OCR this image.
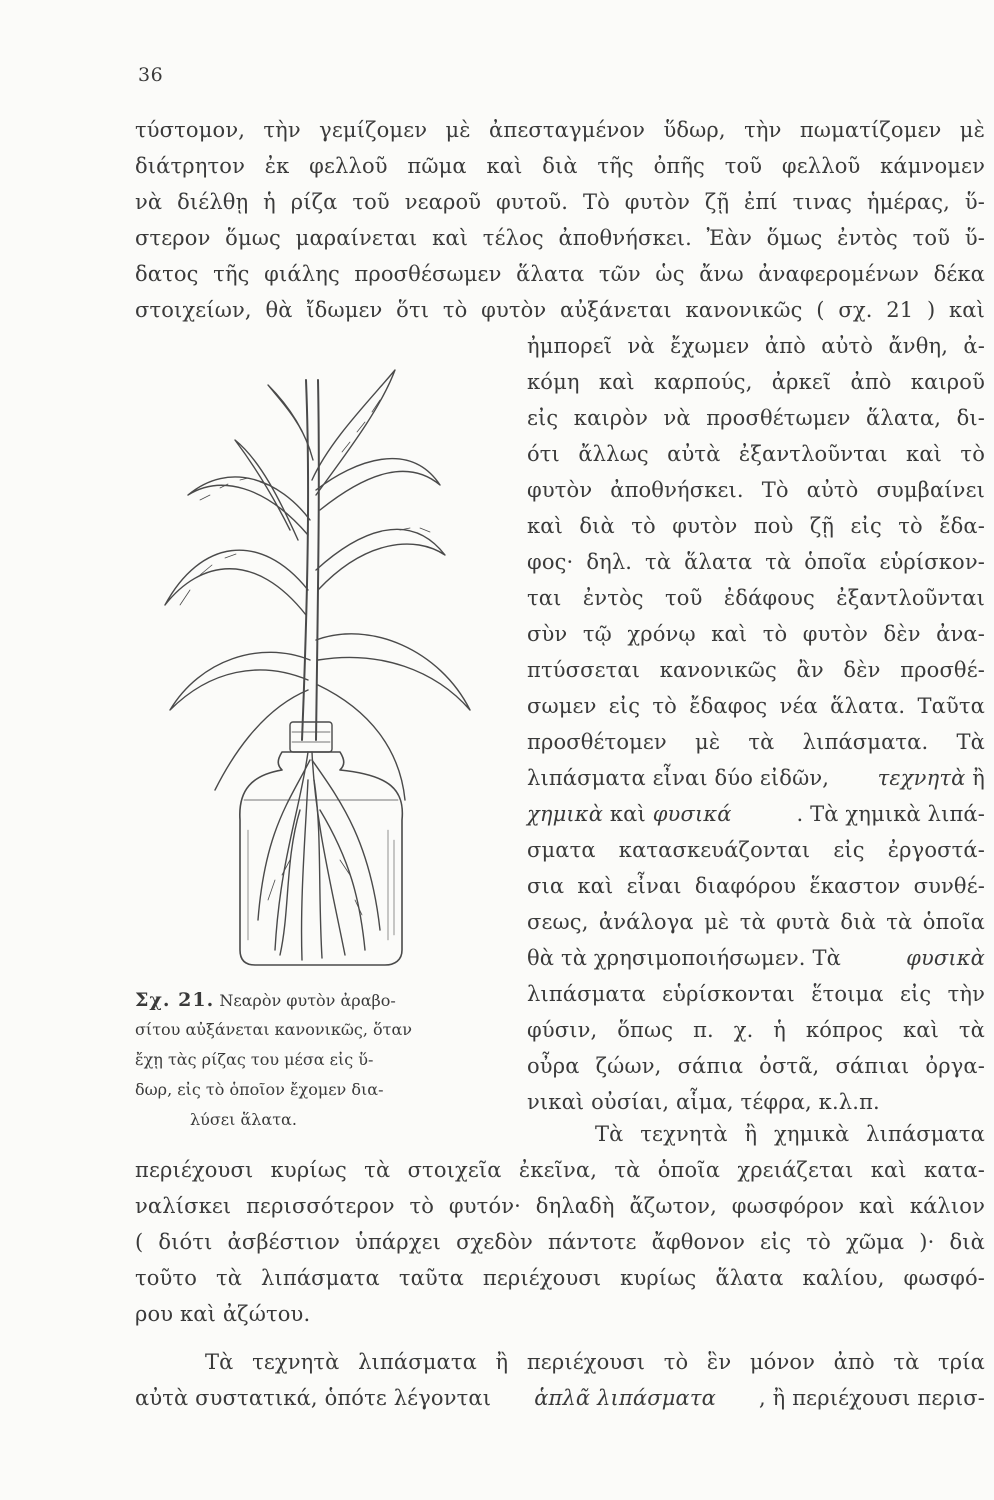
36

τύστομον, τὴν γεμίζομεν μὲ ἀπεσταγμένον ὕδωρ, τὴν πωματίζομεν μὲ

διάτρητον ἐκ φελλοῦ πῶμα καὶ διὰ τῆς ὀπῆς τοῦ φελλοῦ κάμνομεν

νὰ διέλθῃ ἡ ρίζα τοῦ νεαροῦ φυτοῦ. Τὸ φυτὸν ζῇ ἐπί τινας ἡμέρας, ὕ-

στερον ὅμως μαραίνεται καὶ τέλος ἀποθνήσκει. Ἐὰν ὅμως ἐντὸς τοῦ ὕ-

δατος τῆς φιάλης προσθέσωμεν ἅλατα τῶν ὡς ἄνω ἀναφερομένων δέκα

στοιχείων, θὰ ἴδωμεν ὅτι τὸ φυτὸν αὐξάνεται κανονικῶς ( σχ. 21 ) καὶ

ἠμπορεῖ νὰ ἔχωμεν ἀπὸ αὐτὸ ἄνθη, ἀ-

κόμη καὶ καρπούς, ἀρκεῖ ἀπὸ καιροῦ

εἰς καιρὸν νὰ προσθέτωμεν ἅλατα, δι-

ότι ἄλλως αὐτὰ ἐξαντλοῦνται καὶ τὸ

φυτὸν ἀποθνήσκει. Τὸ αὐτὸ συμβαίνει

καὶ διὰ τὸ φυτὸν ποὺ ζῇ εἰς τὸ ἔδα-

φος· δηλ. τὰ ἅλατα τὰ ὁποῖα εὑρίσκον-

ται ἐντὸς τοῦ ἐδάφους ἐξαντλοῦνται

σὺν τῷ χρόνῳ καὶ τὸ φυτὸν δὲν ἀνα-

πτύσσεται κανονικῶς ἂν δὲν προσθέ-

σωμεν εἰς τὸ ἔδαφος νέα ἅλατα. Ταῦτα

προσθέτομεν μὲ τὰ λιπάσματα. Τὰ

λιπάσματα εἶναι δύο εἰδῶν, τεχνητὰ ἢ

χημικὰ καὶ φυσικά	. Τὰ χημικὰ λιπά-

σματα κατασκευάζονται εἰς ἐργοστά-

σια καὶ εἶναι διαφόρου ἕκαστον συνθέ-

σεως, ἀνάλογα μὲ τὰ φυτὰ διὰ τὰ ὁποῖα

θὰ τὰ χρησιμοποιήσωμεν. Τὰ	φυσικὰ

λιπάσματα εὑρίσκονται ἕτοιμα εἰς τὴν

φύσιν, ὅπως π. χ. ἡ κόπρος καὶ τὰ

οὖρα ζώων, σάπια ὀστᾶ, σάπιαι ὀργα-

νικαὶ οὐσίαι, αἷμα, τέφρα, κ.λ.π.

Σχ. 21. Νεαρὸν φυτὸν ἀραβο-

σίτου αὐξάνεται κανονικῶς, ὅταν

ἔχῃ τὰς ρίζας του μέσα εἰς ὕ-

δωρ, εἰς τὸ ὁποῖον ἔχομεν δια-

λύσει ἅλατα.

Τὰ τεχνητὰ ἢ χημικὰ λιπάσματα

περιέχουσι κυρίως τὰ στοιχεῖα ἐκεῖνα, τὰ ὁποῖα χρειάζεται καὶ κατα-

ναλίσκει περισσότερον τὸ φυτόν· δηλαδὴ ἄζωτον, φωσφόρον καὶ κάλιον

( διότι ἀσβέστιον ὑπάρχει σχεδὸν πάντοτε ἄφθονον εἰς τὸ χῶμα )· διὰ

τοῦτο τὰ λιπάσματα ταῦτα περιέχουσι κυρίως ἅλατα καλίου, φωσφό-

ρου καὶ ἀζώτου.

Τὰ τεχνητὰ λιπάσματα ἢ περιέχουσι τὸ ἓν μόνον ἀπὸ τὰ τρία

αὐτὰ συστατικά, ὁπότε λέγονται ἁπλᾶ λιπάσματα , ἢ περιέχουσι περισ-
